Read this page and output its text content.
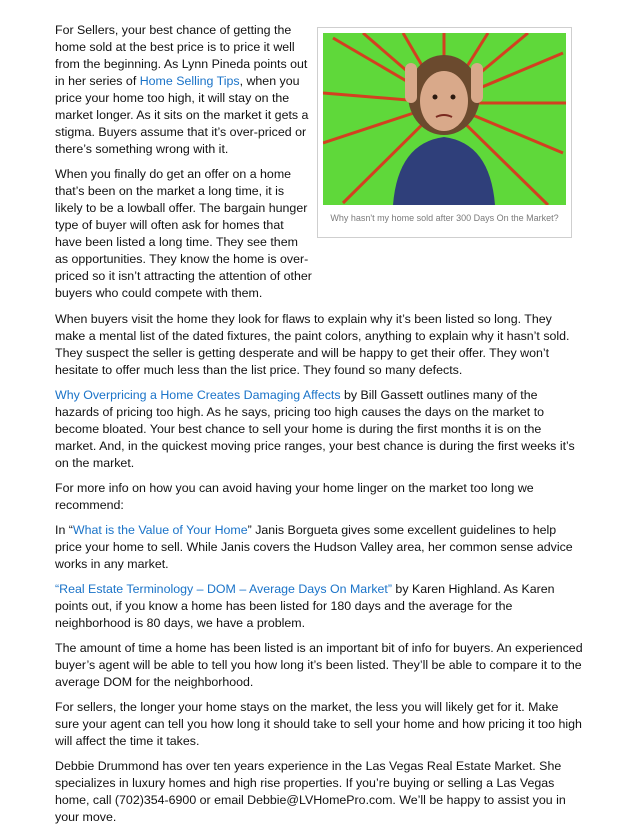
Why hasn't my home sold after 300 Days On the Market?

For Sellers, your best chance of getting the home sold at the best price is to price it well from the beginning. As Lynn Pineda points out in her series of Home Selling Tips, when you price your home too high, it will stay on the market longer. As it sits on the market it gets a stigma. Buyers assume that it’s over-priced or there’s something wrong with it.

When you finally do get an offer on a home that’s been on the market a long time, it is likely to be a lowball offer. The bargain hunger type of buyer will often ask for homes that have been listed a long time. They see them as opportunities. They know the home is over-priced so it isn’t attracting the attention of other buyers who could compete with them.

When buyers visit the home they look for flaws to explain why it’s been listed so long. They make a mental list of the dated fixtures, the paint colors, anything to explain why it hasn’t sold. They suspect the seller is getting desperate and will be happy to get their offer. They won’t hesitate to offer much less than the list price. They found so many defects.

Why Overpricing a Home Creates Damaging Affects by Bill Gassett outlines many of the hazards of pricing too high. As he says, pricing too high causes the days on the market to become bloated. Your best chance to sell your home is during the first months it is on the market. And, in the quickest moving price ranges, your best chance is during the first weeks it’s on the market.

For more info on how you can avoid having your home linger on the market too long we recommend:

In “What is the Value of Your Home” Janis Borgueta gives some excellent guidelines to help price your home to sell. While Janis covers the Hudson Valley area, her common sense advice works in any market.

“Real Estate Terminology – DOM – Average Days On Market” by Karen Highland. As Karen points out, if you know a home has been listed for 180 days and the average for the neighborhood is 80 days, we have a problem.

The amount of time a home has been listed is an important bit of info for buyers. An experienced buyer’s agent will be able to tell you how long it’s been listed. They’ll be able to compare it to the average DOM for the neighborhood.

For sellers, the longer your home stays on the market, the less you will likely get for it. Make sure your agent can tell you how long it should take to sell your home and how pricing it too high will affect the time it takes.

Debbie Drummond has over ten years experience in the Las Vegas Real Estate Market. She specializes in luxury homes and high rise properties. If you’re buying or selling a Las Vegas home, call (702)354-6900 or email Debbie@LVHomePro.com. We’ll be happy to assist you in your move.
